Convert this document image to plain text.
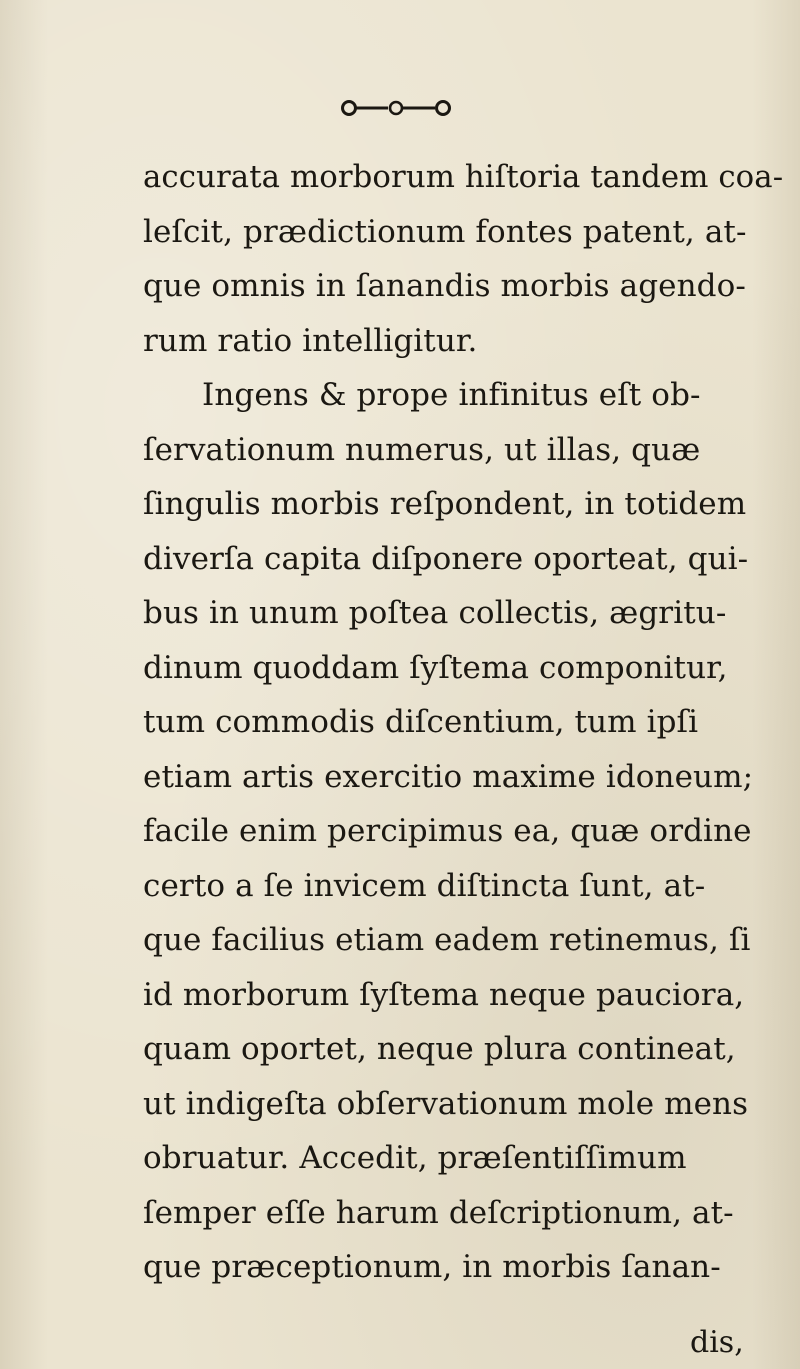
accurata morborum hiſtoria tandem coa-
leſcit, prædictionum fontes patent, at-
que omnis in ſanandis morbis agendo-
rum ratio intelligitur.
Ingens & prope infinitus eſt ob-
ſervationum numerus, ut illas, quæ
ſingulis morbis reſpondent, in totidem
diverſa capita diſponere oporteat, qui-
bus in unum poſtea collectis, ægritu-
dinum quoddam ſyſtema componitur,
tum commodis diſcentium, tum ipſi
etiam artis exercitio maxime idoneum;
facile enim percipimus ea, quæ ordine
certo a ſe invicem diſtincta ſunt, at-
que facilius etiam eadem retinemus, ſi
id morborum ſyſtema neque pauciora,
quam oportet, neque plura contineat,
ut indigeſta obſervationum mole mens
obruatur. Accedit, præſentiſſimum
ſemper eſſe harum deſcriptionum, at-
que præceptionum, in morbis ſanan-
dis,
